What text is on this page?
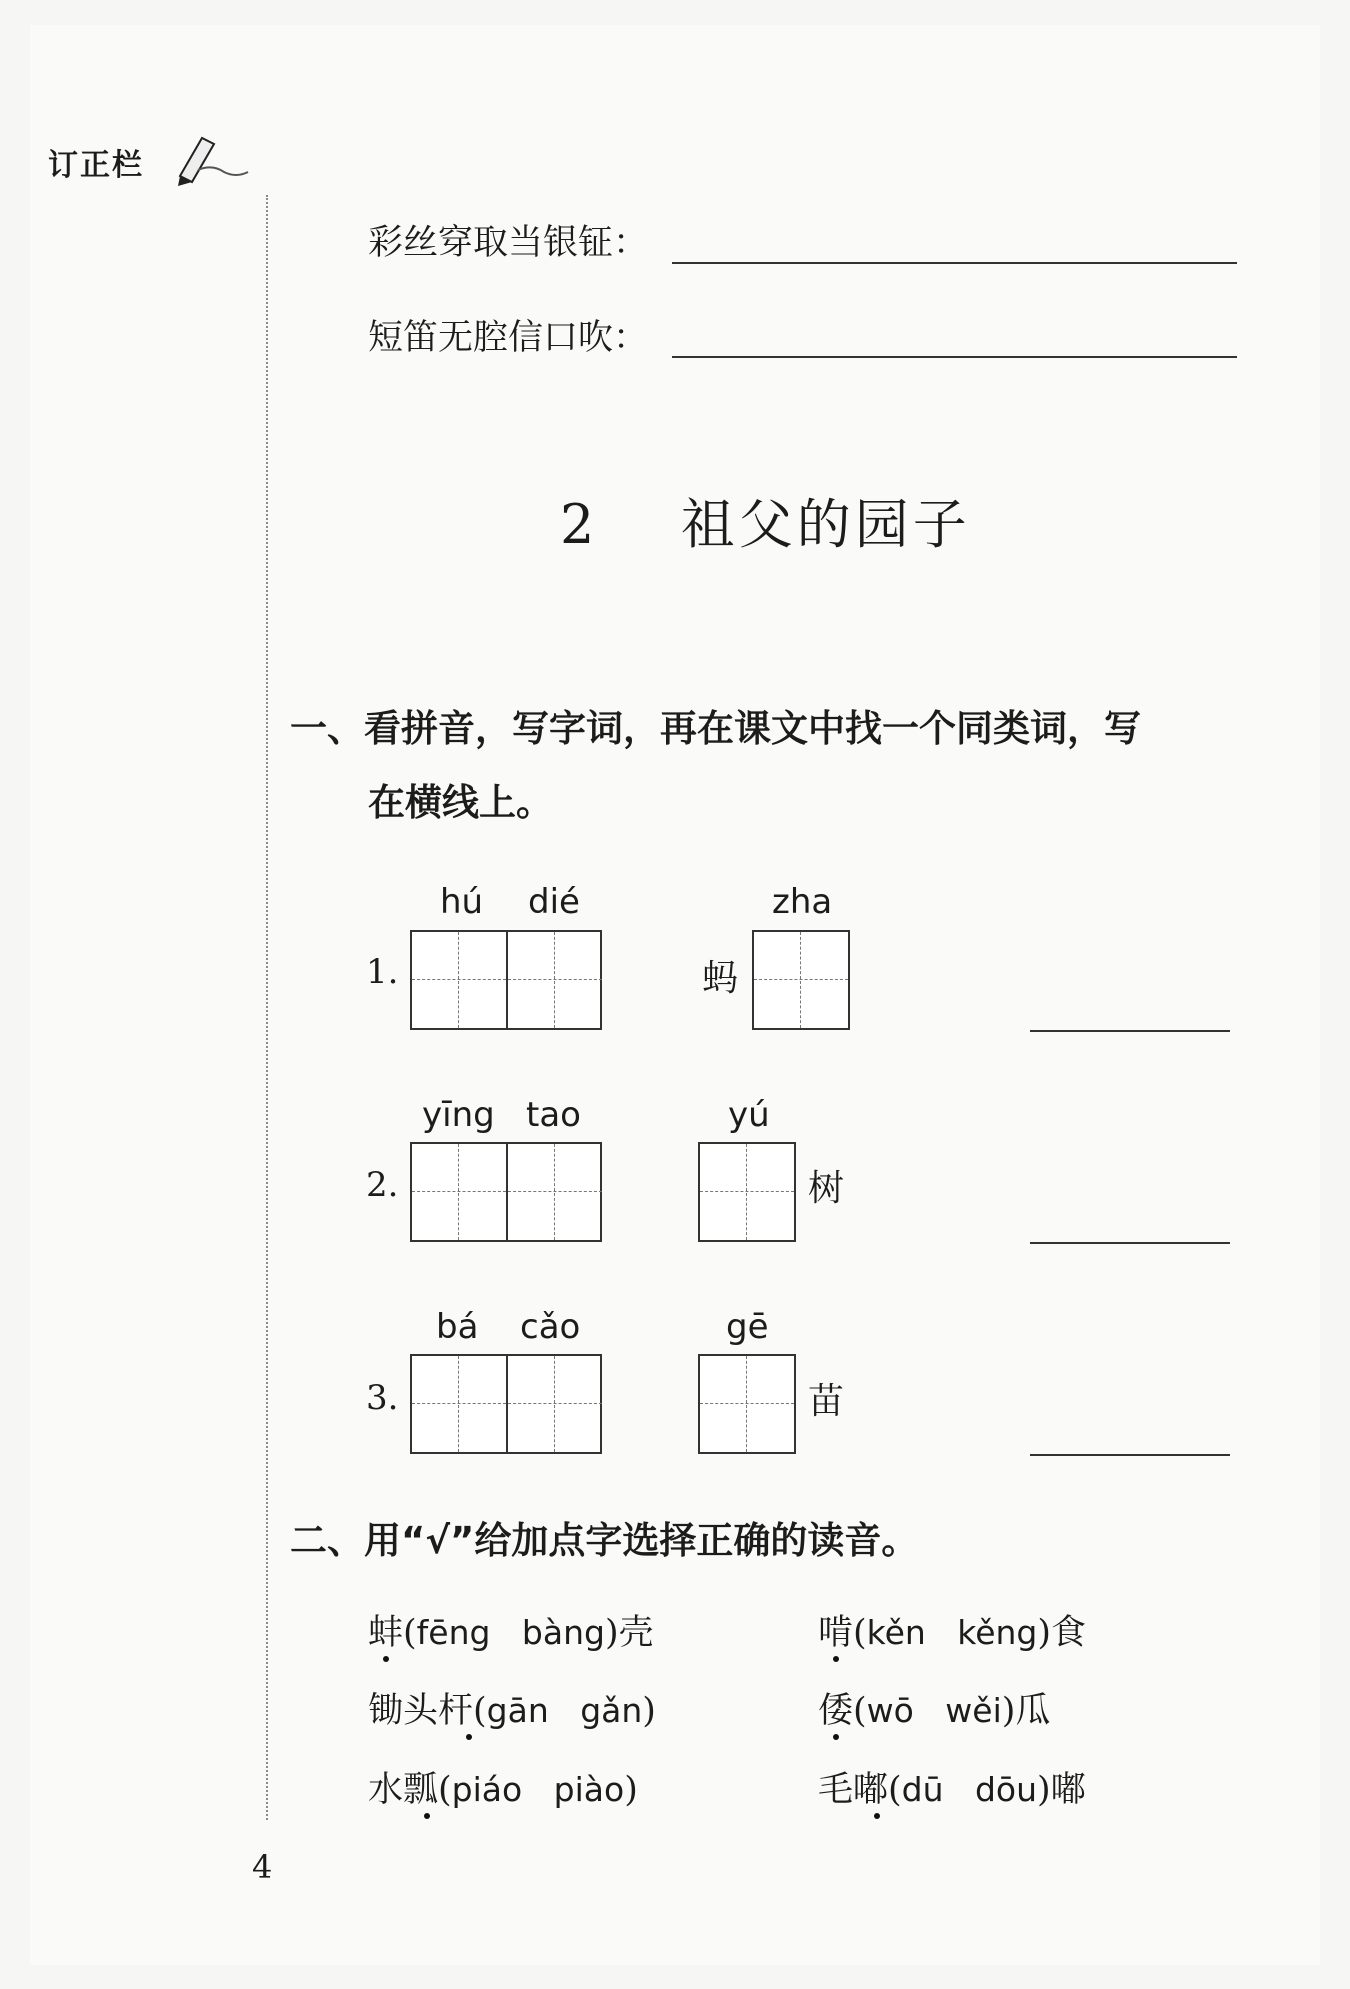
订正栏
彩丝穿取当银钲：
短笛无腔信口吹：
2 祖父的园子
一、看拼音，写字词，再在课文中找一个同类词，写
在横线上。
hú dié	zha
1.	蚂
yīng tao	yú
2.	树
bá cǎo	gē
3.	苗
二、用“√”给加点字选择正确的读音。
蚌(fēng   bàng)壳	啃(kěn   kěng)食
锄头杆(gān   gǎn)	倭(wō   wěi)瓜
水瓢(piáo   piào)	毛嘟(dū   dōu)嘟
4
